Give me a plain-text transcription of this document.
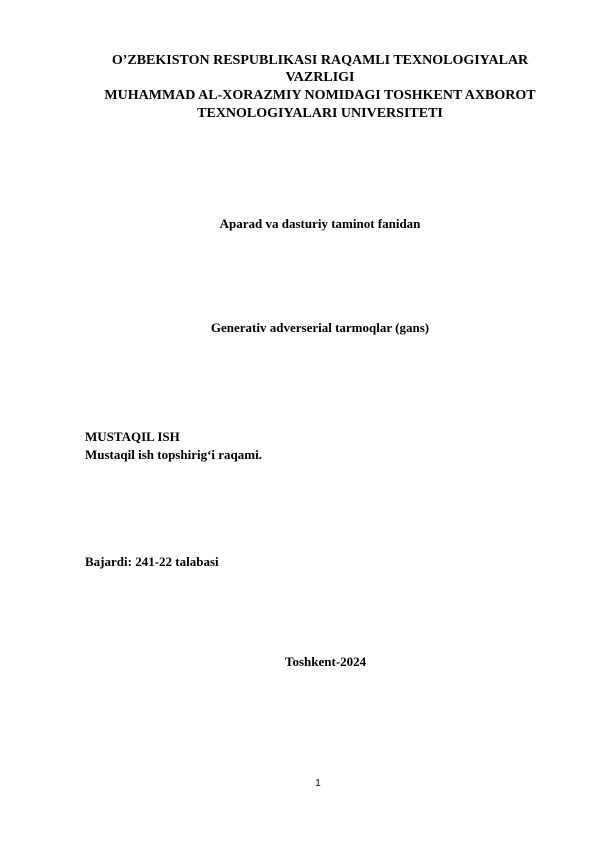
O’ZBEKISTON RESPUBLIKASI RAQAMLI TEXNOLOGIYALAR
VAZRLIGI
MUHAMMAD AL-XORAZMIY NOMIDAGI TOSHKENT AXBOROT
TEXNOLOGIYALARI UNIVERSITETI
Aparad va dasturiy taminot fanidan
Generativ adverserial tarmoqlar (gans)
MUSTAQIL ISH
Mustaqil ish topshirig‘i raqami.
Bajardi: 241-22 talabasi
Toshkent-2024
1
